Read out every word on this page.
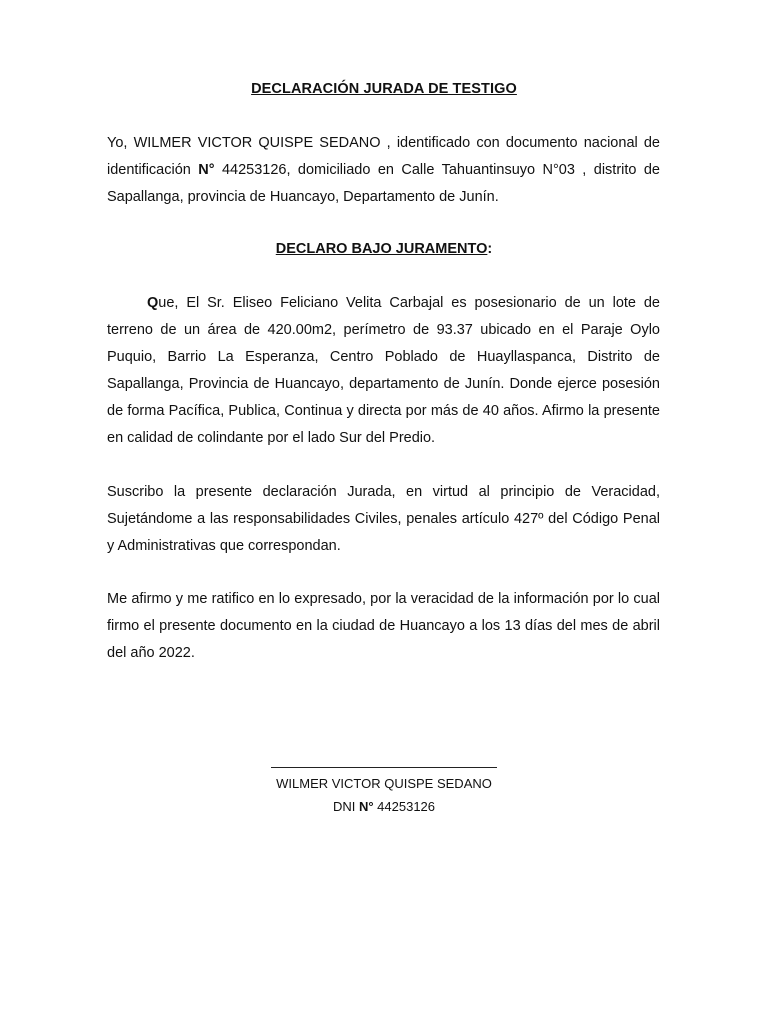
DECLARACIÓN JURADA DE TESTIGO

Yo, WILMER VICTOR QUISPE SEDANO , identificado con documento nacional de identificación N° 44253126, domiciliado en Calle Tahuantinsuyo N°03 , distrito de Sapallanga, provincia de Huancayo, Departamento de Junín.

DECLARO BAJO JURAMENTO:

Que, El Sr. Eliseo Feliciano Velita Carbajal es posesionario de un lote de terreno de un área de 420.00m2, perímetro de 93.37 ubicado en el Paraje Oylo Puquio, Barrio La Esperanza, Centro Poblado de Huayllaspanca, Distrito de Sapallanga, Provincia de Huancayo, departamento de Junín. Donde ejerce posesión de forma Pacífica, Publica, Continua y directa por más de 40 años. Afirmo la presente en calidad de colindante por el lado Sur del Predio.

Suscribo la presente declaración Jurada, en virtud al principio de Veracidad, Sujetándome a las responsabilidades Civiles, penales artículo 427º del Código Penal y Administrativas que correspondan.

Me afirmo y me ratifico en lo expresado, por la veracidad de la información por lo cual firmo el presente documento en la ciudad de Huancayo a los 13 días del mes de abril del año 2022.

WILMER VICTOR QUISPE SEDANO
DNI N° 44253126
